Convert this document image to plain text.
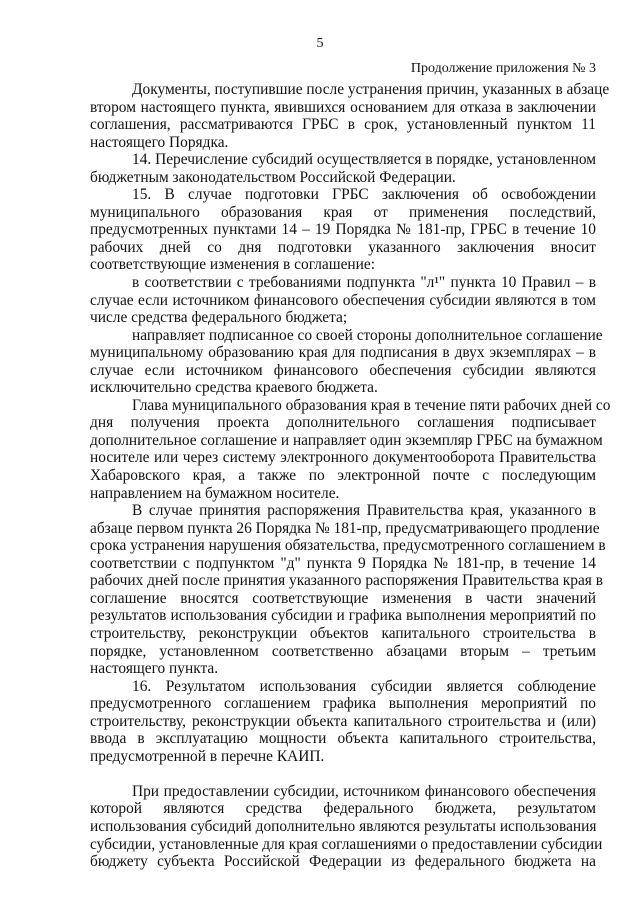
5
Продолжение приложения № 3
Документы, поступившие после устранения причин, указанных в абзаце
втором настоящего пункта, явившихся основанием для отказа в заключении
соглашения, рассматриваются ГРБС в срок, установленный пунктом 11
настоящего Порядка.
14. Перечисление субсидий осуществляется в порядке, установленном
бюджетным законодательством Российской Федерации.
15. В случае подготовки ГРБС заключения об освобождении
муниципального образования края от применения последствий,
предусмотренных пунктами 14 – 19 Порядка № 181-пр, ГРБС в течение 10
рабочих дней со дня подготовки указанного заключения вносит
соответствующие изменения в соглашение:
в соответствии с требованиями подпункта "л¹" пункта 10 Правил – в
случае если источником финансового обеспечения субсидии являются в том
числе средства федерального бюджета;
направляет подписанное со своей стороны дополнительное соглашение
муниципальному образованию края для подписания в двух экземплярах – в
случае если источником финансового обеспечения субсидии являются
исключительно средства краевого бюджета.
Глава муниципального образования края в течение пяти рабочих дней со
дня получения проекта дополнительного соглашения подписывает
дополнительное соглашение и направляет один экземпляр ГРБС на бумажном
носителе или через систему электронного документооборота Правительства
Хабаровского края, а также по электронной почте с последующим
направлением на бумажном носителе.
В случае принятия распоряжения Правительства края, указанного в
абзаце первом пункта 26 Порядка № 181-пр, предусматривающего продление
срока устранения нарушения обязательства, предусмотренного соглашением в
соответствии с подпунктом "д" пункта 9 Порядка № 181-пр, в течение 14
рабочих дней после принятия указанного распоряжения Правительства края в
соглашение вносятся соответствующие изменения в части значений
результатов использования субсидии и графика выполнения мероприятий по
строительству, реконструкции объектов капитального строительства в
порядке, установленном соответственно абзацами вторым – третьим
настоящего пункта.
16. Результатом использования субсидии является соблюдение
предусмотренного соглашением графика выполнения мероприятий по
строительству, реконструкции объекта капитального строительства и (или)
ввода в эксплуатацию мощности объекта капитального строительства,
предусмотренной в перечне КАИП.
При предоставлении субсидии, источником финансового обеспечения
которой являются средства федерального бюджета, результатом
использования субсидий дополнительно являются результаты использования
субсидии, установленные для края соглашениями о предоставлении субсидии
бюджету субъекта Российской Федерации из федерального бюджета на
